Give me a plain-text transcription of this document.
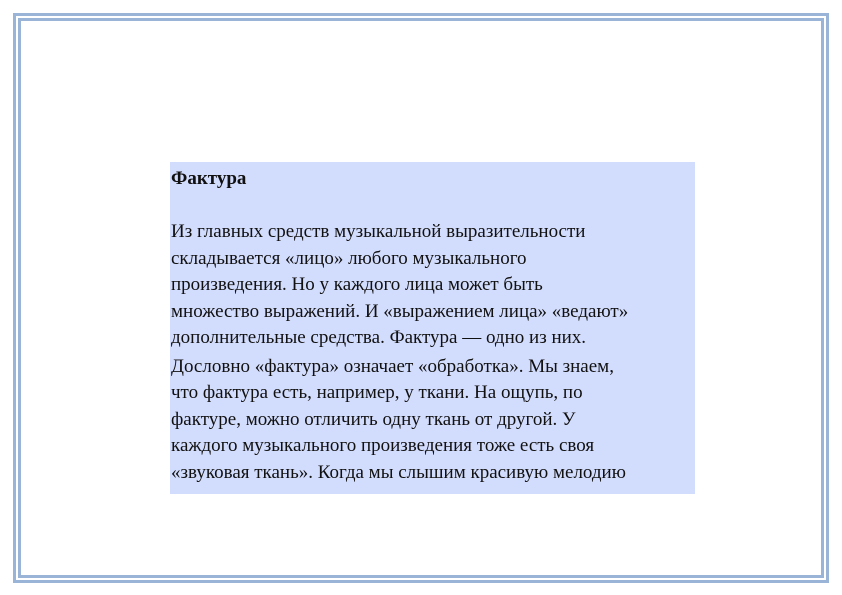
Фактура

Из главных средств музыкальной выразительности
складывается «лицо» любого музыкального
произведения. Но у каждого лица может быть
множество выражений. И «выражением лица» «ведают»
дополнительные средства. Фактура — одно из них.

Дословно «фактура» означает «обработка». Мы знаем,
что фактура есть, например, у ткани. На ощупь, по
фактуре, можно отличить одну ткань от другой. У
каждого музыкального произведения тоже есть своя
«звуковая ткань». Когда мы слышим красивую мелодию
